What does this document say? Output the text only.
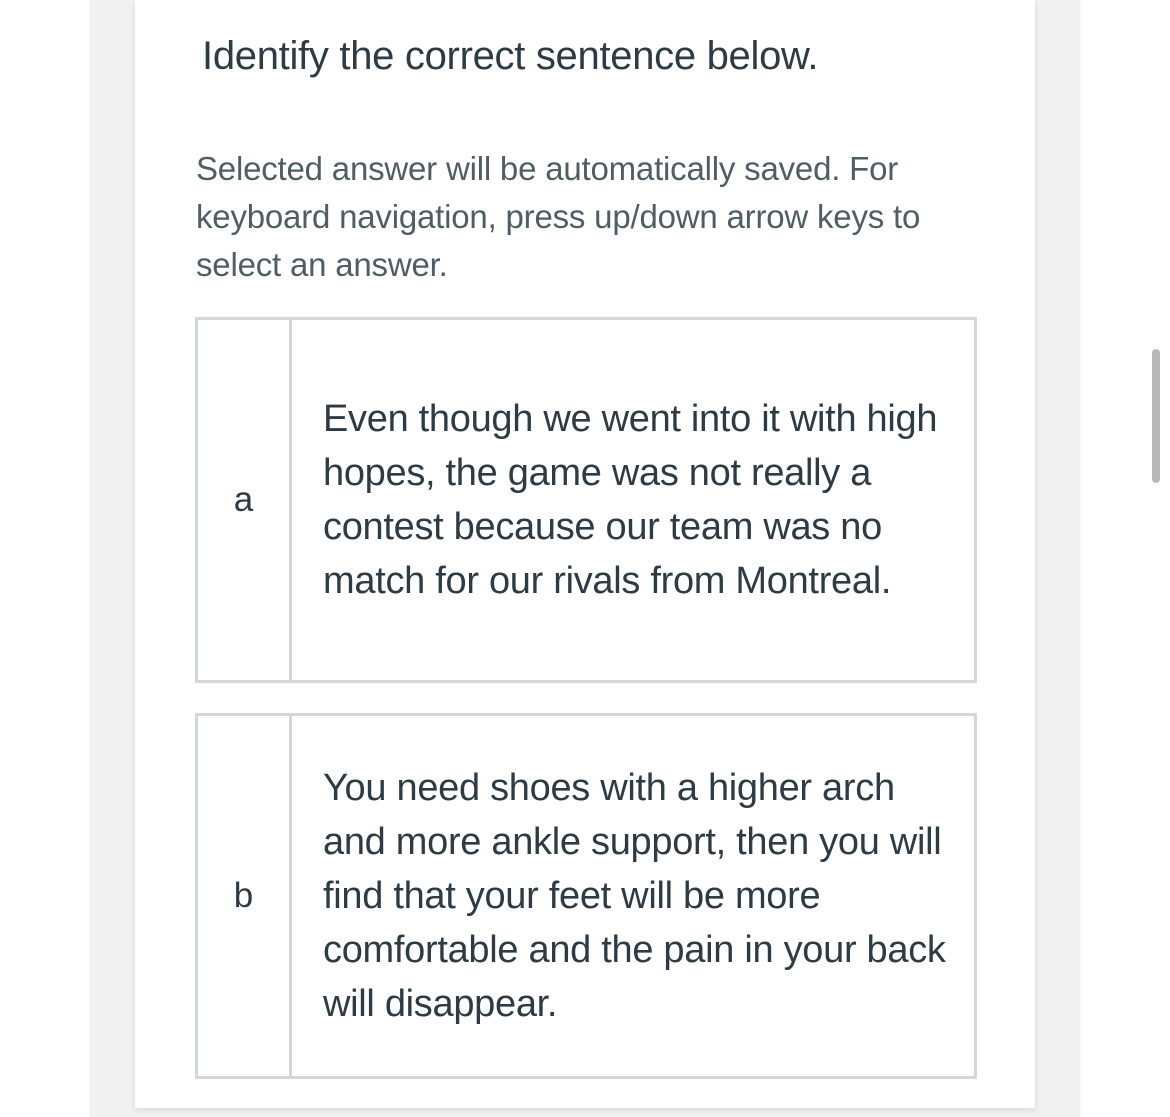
Identify the correct sentence below.
Selected answer will be automatically saved. For keyboard navigation, press up/down arrow keys to select an answer.
a
Even though we went into it with high hopes, the game was not really a contest because our team was no match for our rivals from Montreal.
b
You need shoes with a higher arch and more ankle support, then you will find that your feet will be more comfortable and the pain in your back will disappear.
